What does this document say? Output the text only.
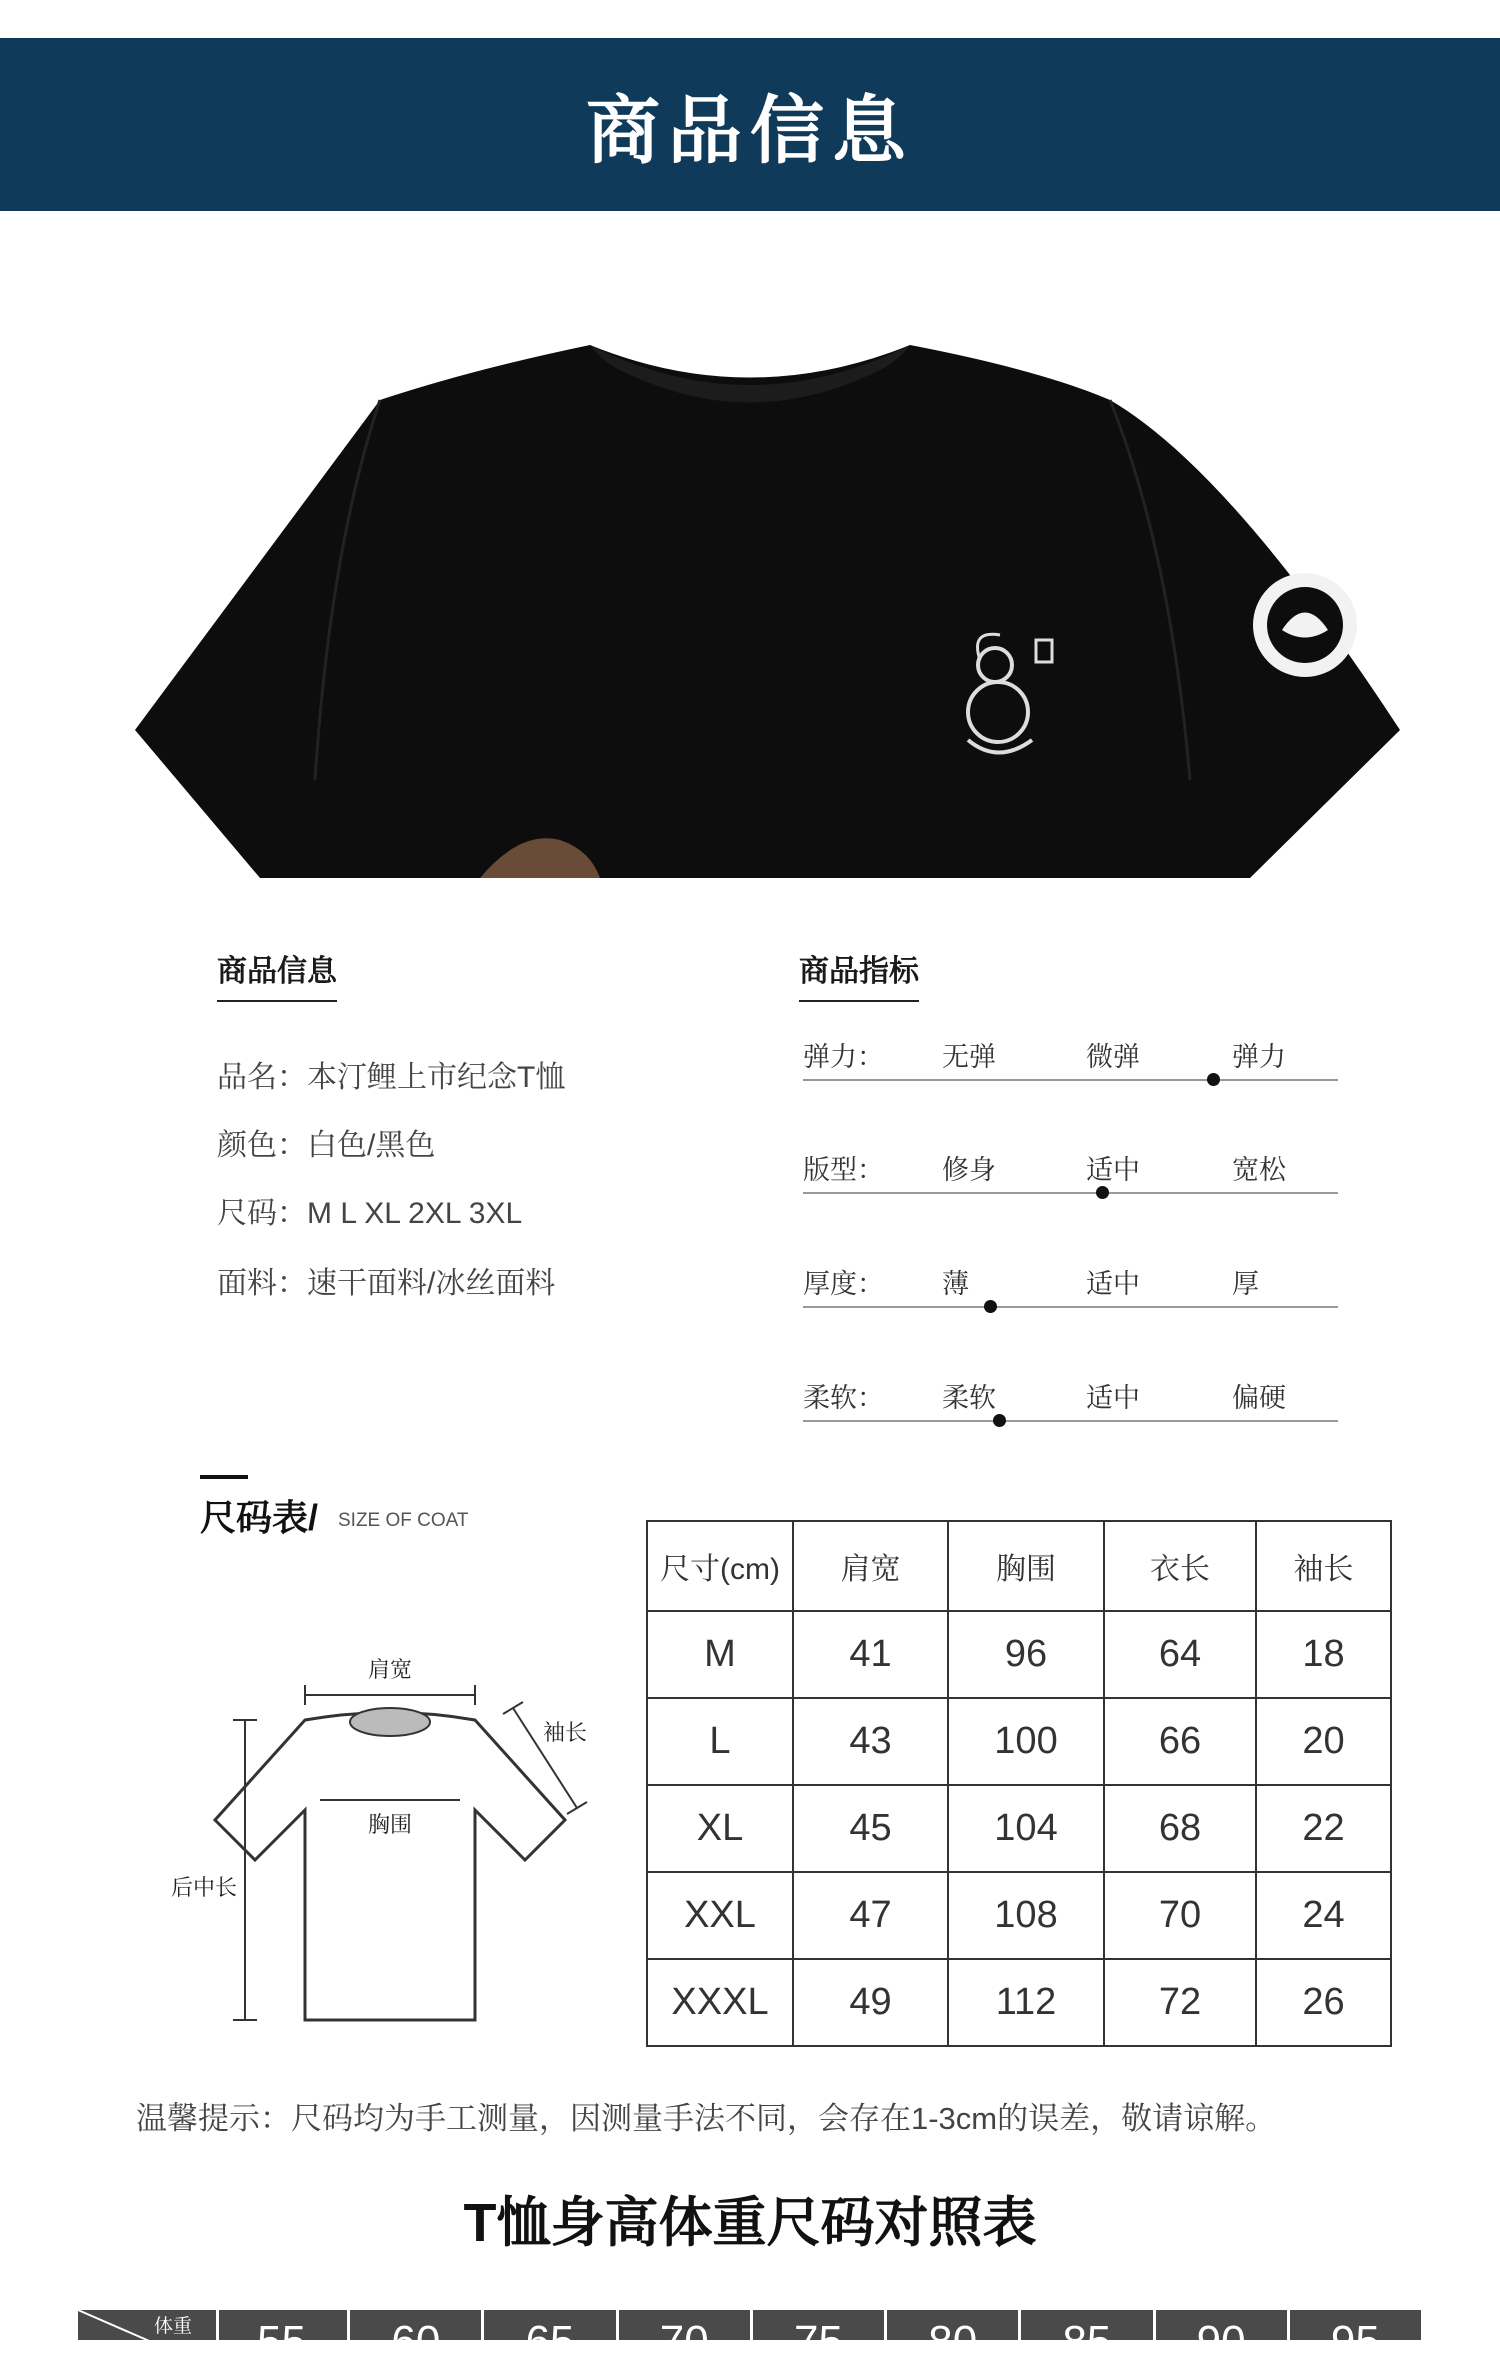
商品信息
商品信息
品名：本汀鲤上市纪念T恤
颜色：白色/黑色
尺码：M L XL 2XL 3XL
面料：速干面料/冰丝面料
商品指标
弹力： 无弹	微弹	弹力
版型： 修身	适中	宽松
厚度： 薄	适中	厚
柔软： 柔软	适中	偏硬
尺码表/ SIZE OF COAT
肩宽
胸围
袖长
后中长
尺寸(cm)	肩宽	胸围	衣长	袖长
M	41	96	64	18
L	43	100	66	20
XL	45	104	68	22
XXL	47	108	70	24
XXXL	49	112	72	26
温馨提示：尺码均为手工测量，因测量手法不同，会存在1-3cm的误差，敬请谅解。
T恤身高体重尺码对照表
体重	55	60	65	70	75	80	85	90	95
